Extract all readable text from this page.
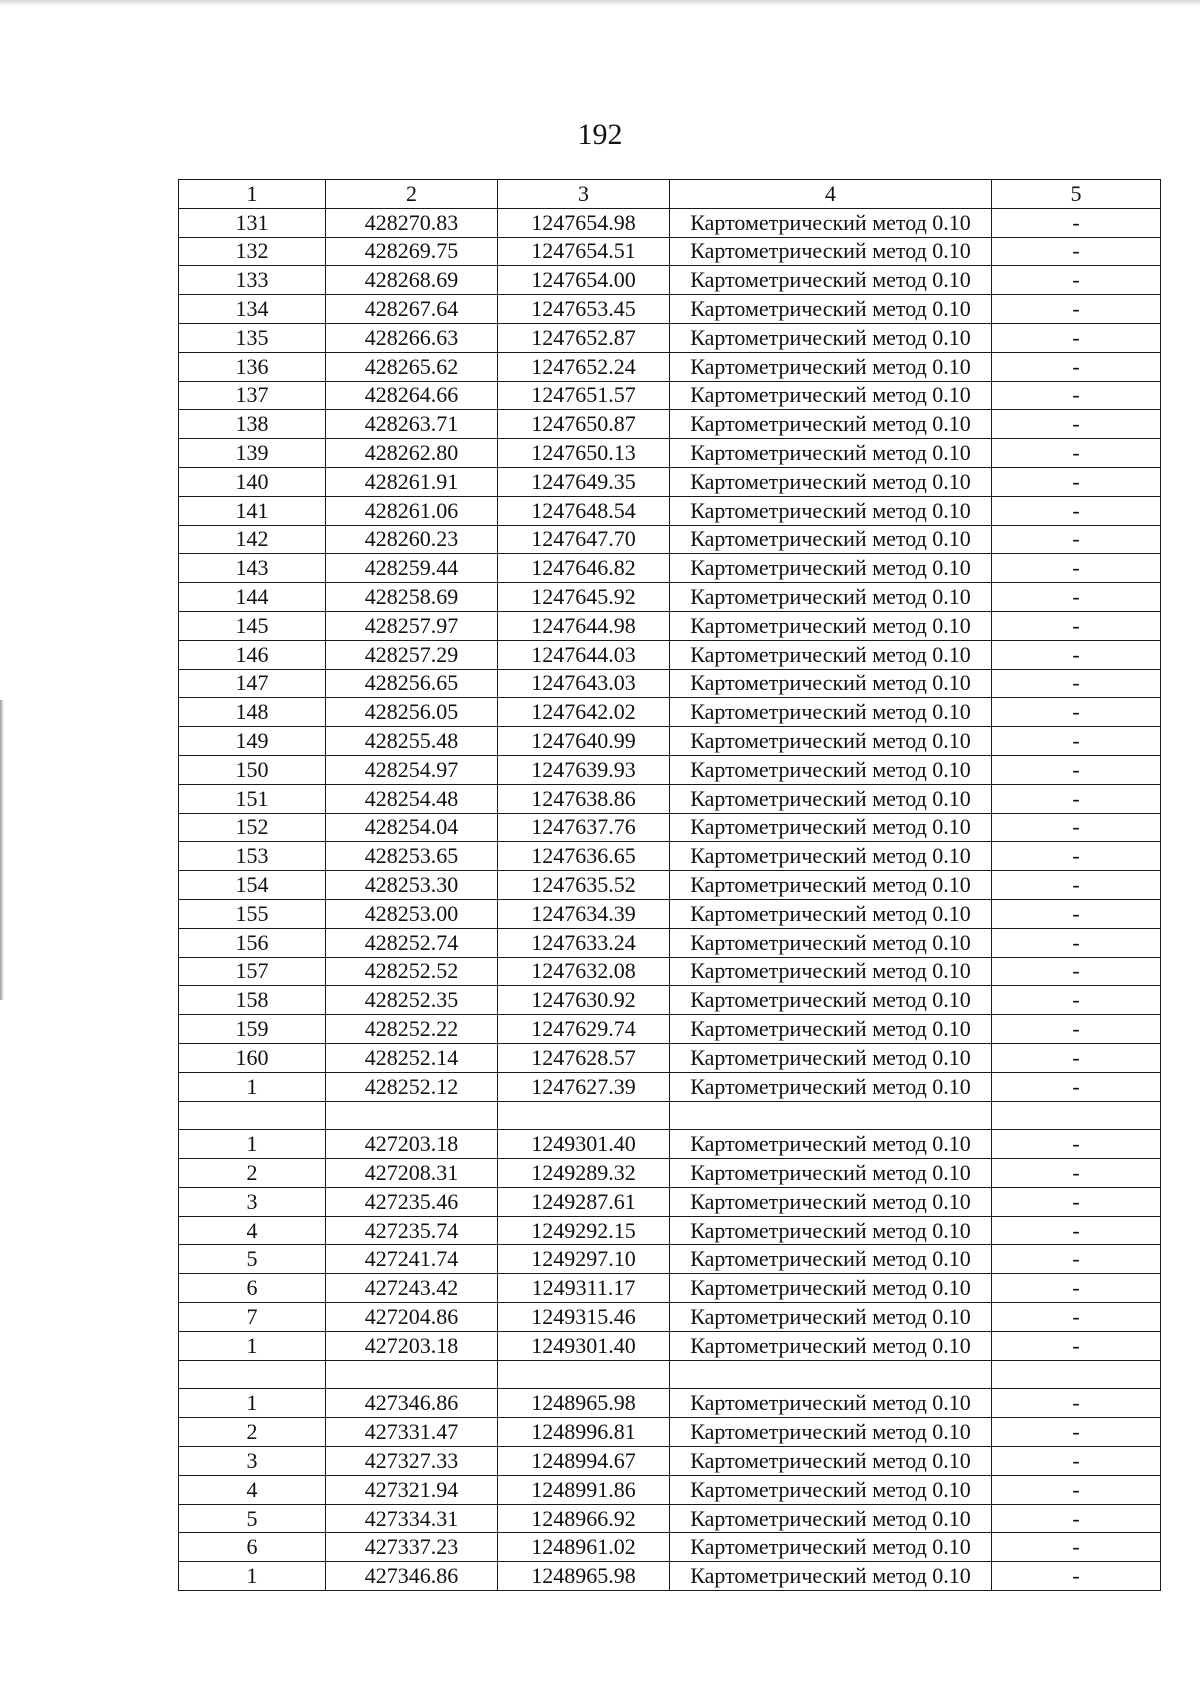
192
1	2	3	4	5
131	428270.83	1247654.98	Картометрический метод 0.10	-
132	428269.75	1247654.51	Картометрический метод 0.10	-
133	428268.69	1247654.00	Картометрический метод 0.10	-
134	428267.64	1247653.45	Картометрический метод 0.10	-
135	428266.63	1247652.87	Картометрический метод 0.10	-
136	428265.62	1247652.24	Картометрический метод 0.10	-
137	428264.66	1247651.57	Картометрический метод 0.10	-
138	428263.71	1247650.87	Картометрический метод 0.10	-
139	428262.80	1247650.13	Картометрический метод 0.10	-
140	428261.91	1247649.35	Картометрический метод 0.10	-
141	428261.06	1247648.54	Картометрический метод 0.10	-
142	428260.23	1247647.70	Картометрический метод 0.10	-
143	428259.44	1247646.82	Картометрический метод 0.10	-
144	428258.69	1247645.92	Картометрический метод 0.10	-
145	428257.97	1247644.98	Картометрический метод 0.10	-
146	428257.29	1247644.03	Картометрический метод 0.10	-
147	428256.65	1247643.03	Картометрический метод 0.10	-
148	428256.05	1247642.02	Картометрический метод 0.10	-
149	428255.48	1247640.99	Картометрический метод 0.10	-
150	428254.97	1247639.93	Картометрический метод 0.10	-
151	428254.48	1247638.86	Картометрический метод 0.10	-
152	428254.04	1247637.76	Картометрический метод 0.10	-
153	428253.65	1247636.65	Картометрический метод 0.10	-
154	428253.30	1247635.52	Картометрический метод 0.10	-
155	428253.00	1247634.39	Картометрический метод 0.10	-
156	428252.74	1247633.24	Картометрический метод 0.10	-
157	428252.52	1247632.08	Картометрический метод 0.10	-
158	428252.35	1247630.92	Картометрический метод 0.10	-
159	428252.22	1247629.74	Картометрический метод 0.10	-
160	428252.14	1247628.57	Картометрический метод 0.10	-
1	428252.12	1247627.39	Картометрический метод 0.10	-

1	427203.18	1249301.40	Картометрический метод 0.10	-
2	427208.31	1249289.32	Картометрический метод 0.10	-
3	427235.46	1249287.61	Картометрический метод 0.10	-
4	427235.74	1249292.15	Картометрический метод 0.10	-
5	427241.74	1249297.10	Картометрический метод 0.10	-
6	427243.42	1249311.17	Картометрический метод 0.10	-
7	427204.86	1249315.46	Картометрический метод 0.10	-
1	427203.18	1249301.40	Картометрический метод 0.10	-

1	427346.86	1248965.98	Картометрический метод 0.10	-
2	427331.47	1248996.81	Картометрический метод 0.10	-
3	427327.33	1248994.67	Картометрический метод 0.10	-
4	427321.94	1248991.86	Картометрический метод 0.10	-
5	427334.31	1248966.92	Картометрический метод 0.10	-
6	427337.23	1248961.02	Картометрический метод 0.10	-
1	427346.86	1248965.98	Картометрический метод 0.10	-
